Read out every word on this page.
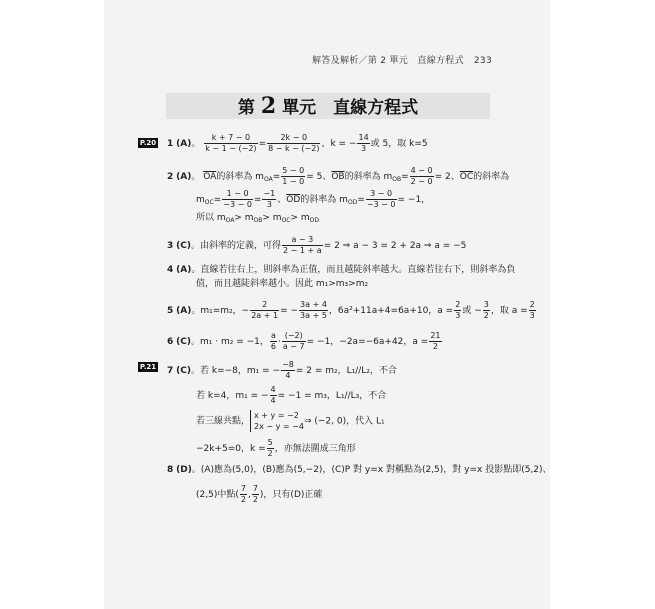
解答及解析／第 2 單元　直線方程式 233
第 2 單元　直線方程式
P.20
P.21
1 (A)。 $\frac{k + 7 - 0}{k - 1 - (-2)} = \frac{2k - 0}{8 - k - (-2)}$ ，k = − $\frac{14}{3}$ 或 5，取 k=5
2 (A)。 $\overline{OA}$的斜率為 $m_{OA}= \frac{5 - 0}{1 - 0} = 5$、$\overline{OB}$的斜率為 $m_{OB}= \frac{4 - 0}{2 - 0} = 2$、$\overline{OC}$的斜率為
$m_{OC}= \frac{1 - 0}{-3 - 0} = \frac{-1}{3}$ 、$\overline{OD}$的斜率為 $m_{OD}= \frac{3 - 0}{-3 - 0} = -1$，
所以 $m_{OA}> m_{OB}> m_{OC}> m_{OD}$
3 (C)。由斜率的定義，可得 $\frac{a - 3}{2 - 1 + a} = 2$ ⇒ a − 3 = 2 + 2a ⇒ a = −5
4 (A)。直線若往右上，則斜率為正值，而且越陡斜率越大。直線若往右下，則斜率為負
值，而且越陡斜率越小。因此 m₁>m₃>m₂
5 (A)。m₁=m₂，− $\frac{2}{2a + 1}$ = − $\frac{3a + 4}{3a + 5}$ ，6a²+11a+4=6a+10，$a = \frac{2}{3}$ 或 − $\frac{3}{2}$ ，取 $a = \frac{2}{3}$
6 (C)。m₁ · m₂ = −1， $\frac{a}{6} \cdot \frac{(-2)}{a - 7} = -1$，−2a=−6a+42，$a = \frac{21}{2}$
7 (C)。若 k=−8，m₁ = − $\frac{-8}{4} = 2 = m_2$，L₁//L₂，不合
若 k=4，m₁ = − $\frac{4}{4} = -1 = m_3$，L₁//L₃，不合
若三線共點，
x + y = −2
2x − y = −4 ⇒ (−2, 0)，代入 L₁
−2k+5=0，$k = \frac{5}{2}$ ，亦無法圍成三角形
8 (D)。(A)應為(5,0)，(B)應為(5,−2)，(C)P 對 y=x 對稱點為(2,5)，對 y=x 投影點即(5,2)、
(2,5)中點( $\frac{7}{2}$ , $\frac{7}{2}$ )，只有(D)正確
